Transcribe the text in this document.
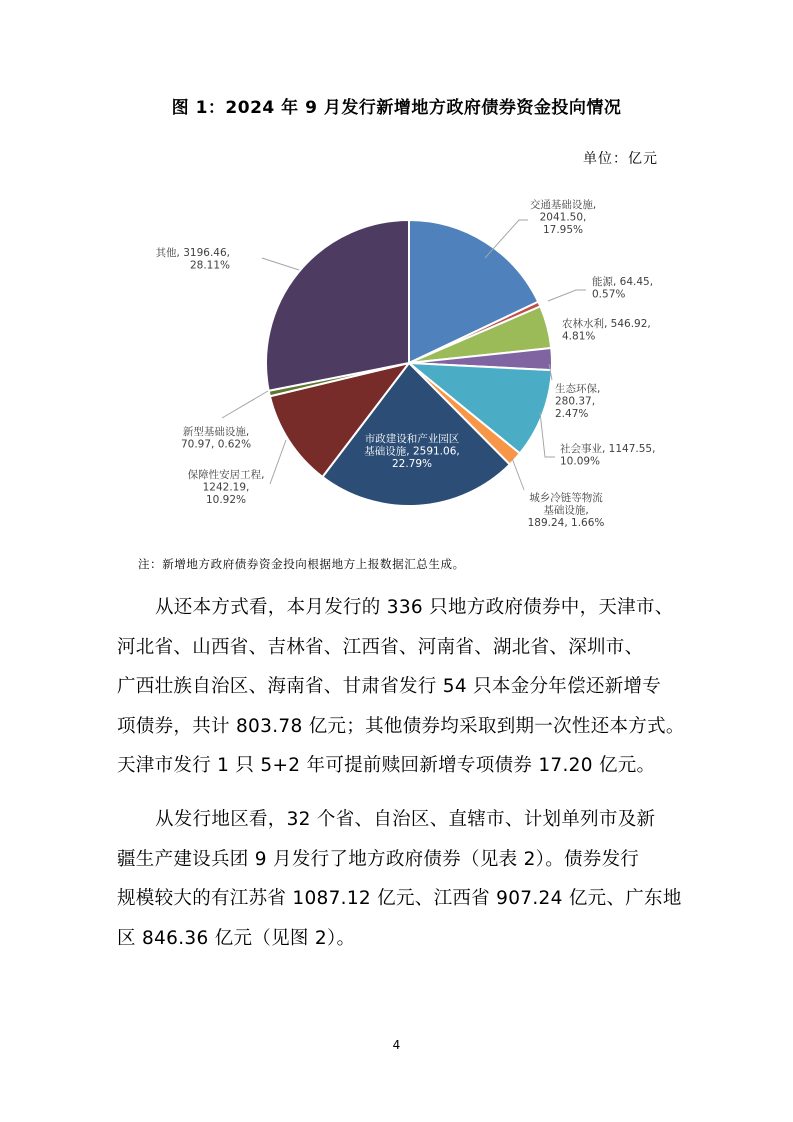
图 1：2024 年 9 月发行新增地方政府债券资金投向情况
单位：亿元
交通基础设施, 2041.50, 17.95%
能源, 64.45, 0.57%
农林水利, 546.92, 4.81%
生态环保, 280.37, 2.47%
社会事业, 1147.55, 10.09%
城乡冷链等物流基础设施, 189.24, 1.66%
市政建设和产业园区基础设施, 2591.06, 22.79%
保障性安居工程, 1242.19, 10.92%
新型基础设施, 70.97, 0.62%
其他, 3196.46, 28.11%
注：新增地方政府债券资金投向根据地方上报数据汇总生成。

从还本方式看，本月发行的 336 只地方政府债券中，天津市、
河北省、山西省、吉林省、江西省、河南省、湖北省、深圳市、
广西壮族自治区、海南省、甘肃省发行 54 只本金分年偿还新增专
项债券，共计 803.78 亿元；其他债券均采取到期一次性还本方式。
天津市发行 1 只 5+2 年可提前赎回新增专项债券 17.20 亿元。

从发行地区看，32 个省、自治区、直辖市、计划单列市及新
疆生产建设兵团 9 月发行了地方政府债券（见表 2）。债券发行
规模较大的有江苏省 1087.12 亿元、江西省 907.24 亿元、广东地
区 846.36 亿元（见图 2）。

4
